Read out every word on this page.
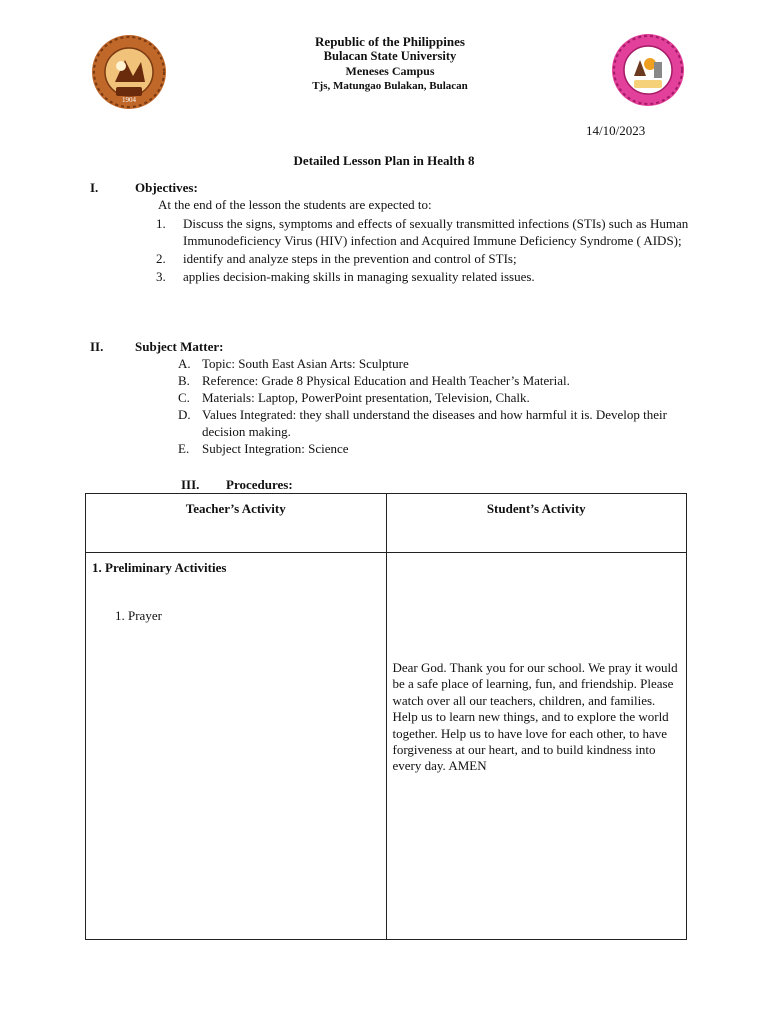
1904
Republic of the Philippines
Bulacan State University
Meneses Campus
Tjs, Matungao Bulakan, Bulacan
14/10/2023
Detailed Lesson Plan in Health 8
I.	Objectives:
At the end of the lesson the students are expected to:
1. Discuss the signs, symptoms and effects of sexually transmitted infections (STIs) such as Human Immunodeficiency Virus (HIV) infection and Acquired Immune Deficiency Syndrome ( AIDS);
2. identify and analyze steps in the prevention and control of STIs;
3. applies decision-making skills in managing sexuality related issues.
II. Subject Matter:
A. Topic: South East Asian Arts: Sculpture
B. Reference: Grade 8 Physical Education and Health Teacher’s Material.
C. Materials: Laptop, PowerPoint presentation, Television, Chalk.
D. Values Integrated: they shall understand the diseases and how harmful it is. Develop their decision making.
E. Subject Integration: Science
III. Procedures:
Teacher’s Activity	Student’s Activity

1. Preliminary Activities
1. Prayer	Dear God. Thank you for our school. We pray it would be a safe place of learning, fun, and friendship. Please watch over all our teachers, children, and families. Help us to learn new things, and to explore the world together. Help us to have love for each other, to have forgiveness at our heart, and to build kindness into every day. AMEN
